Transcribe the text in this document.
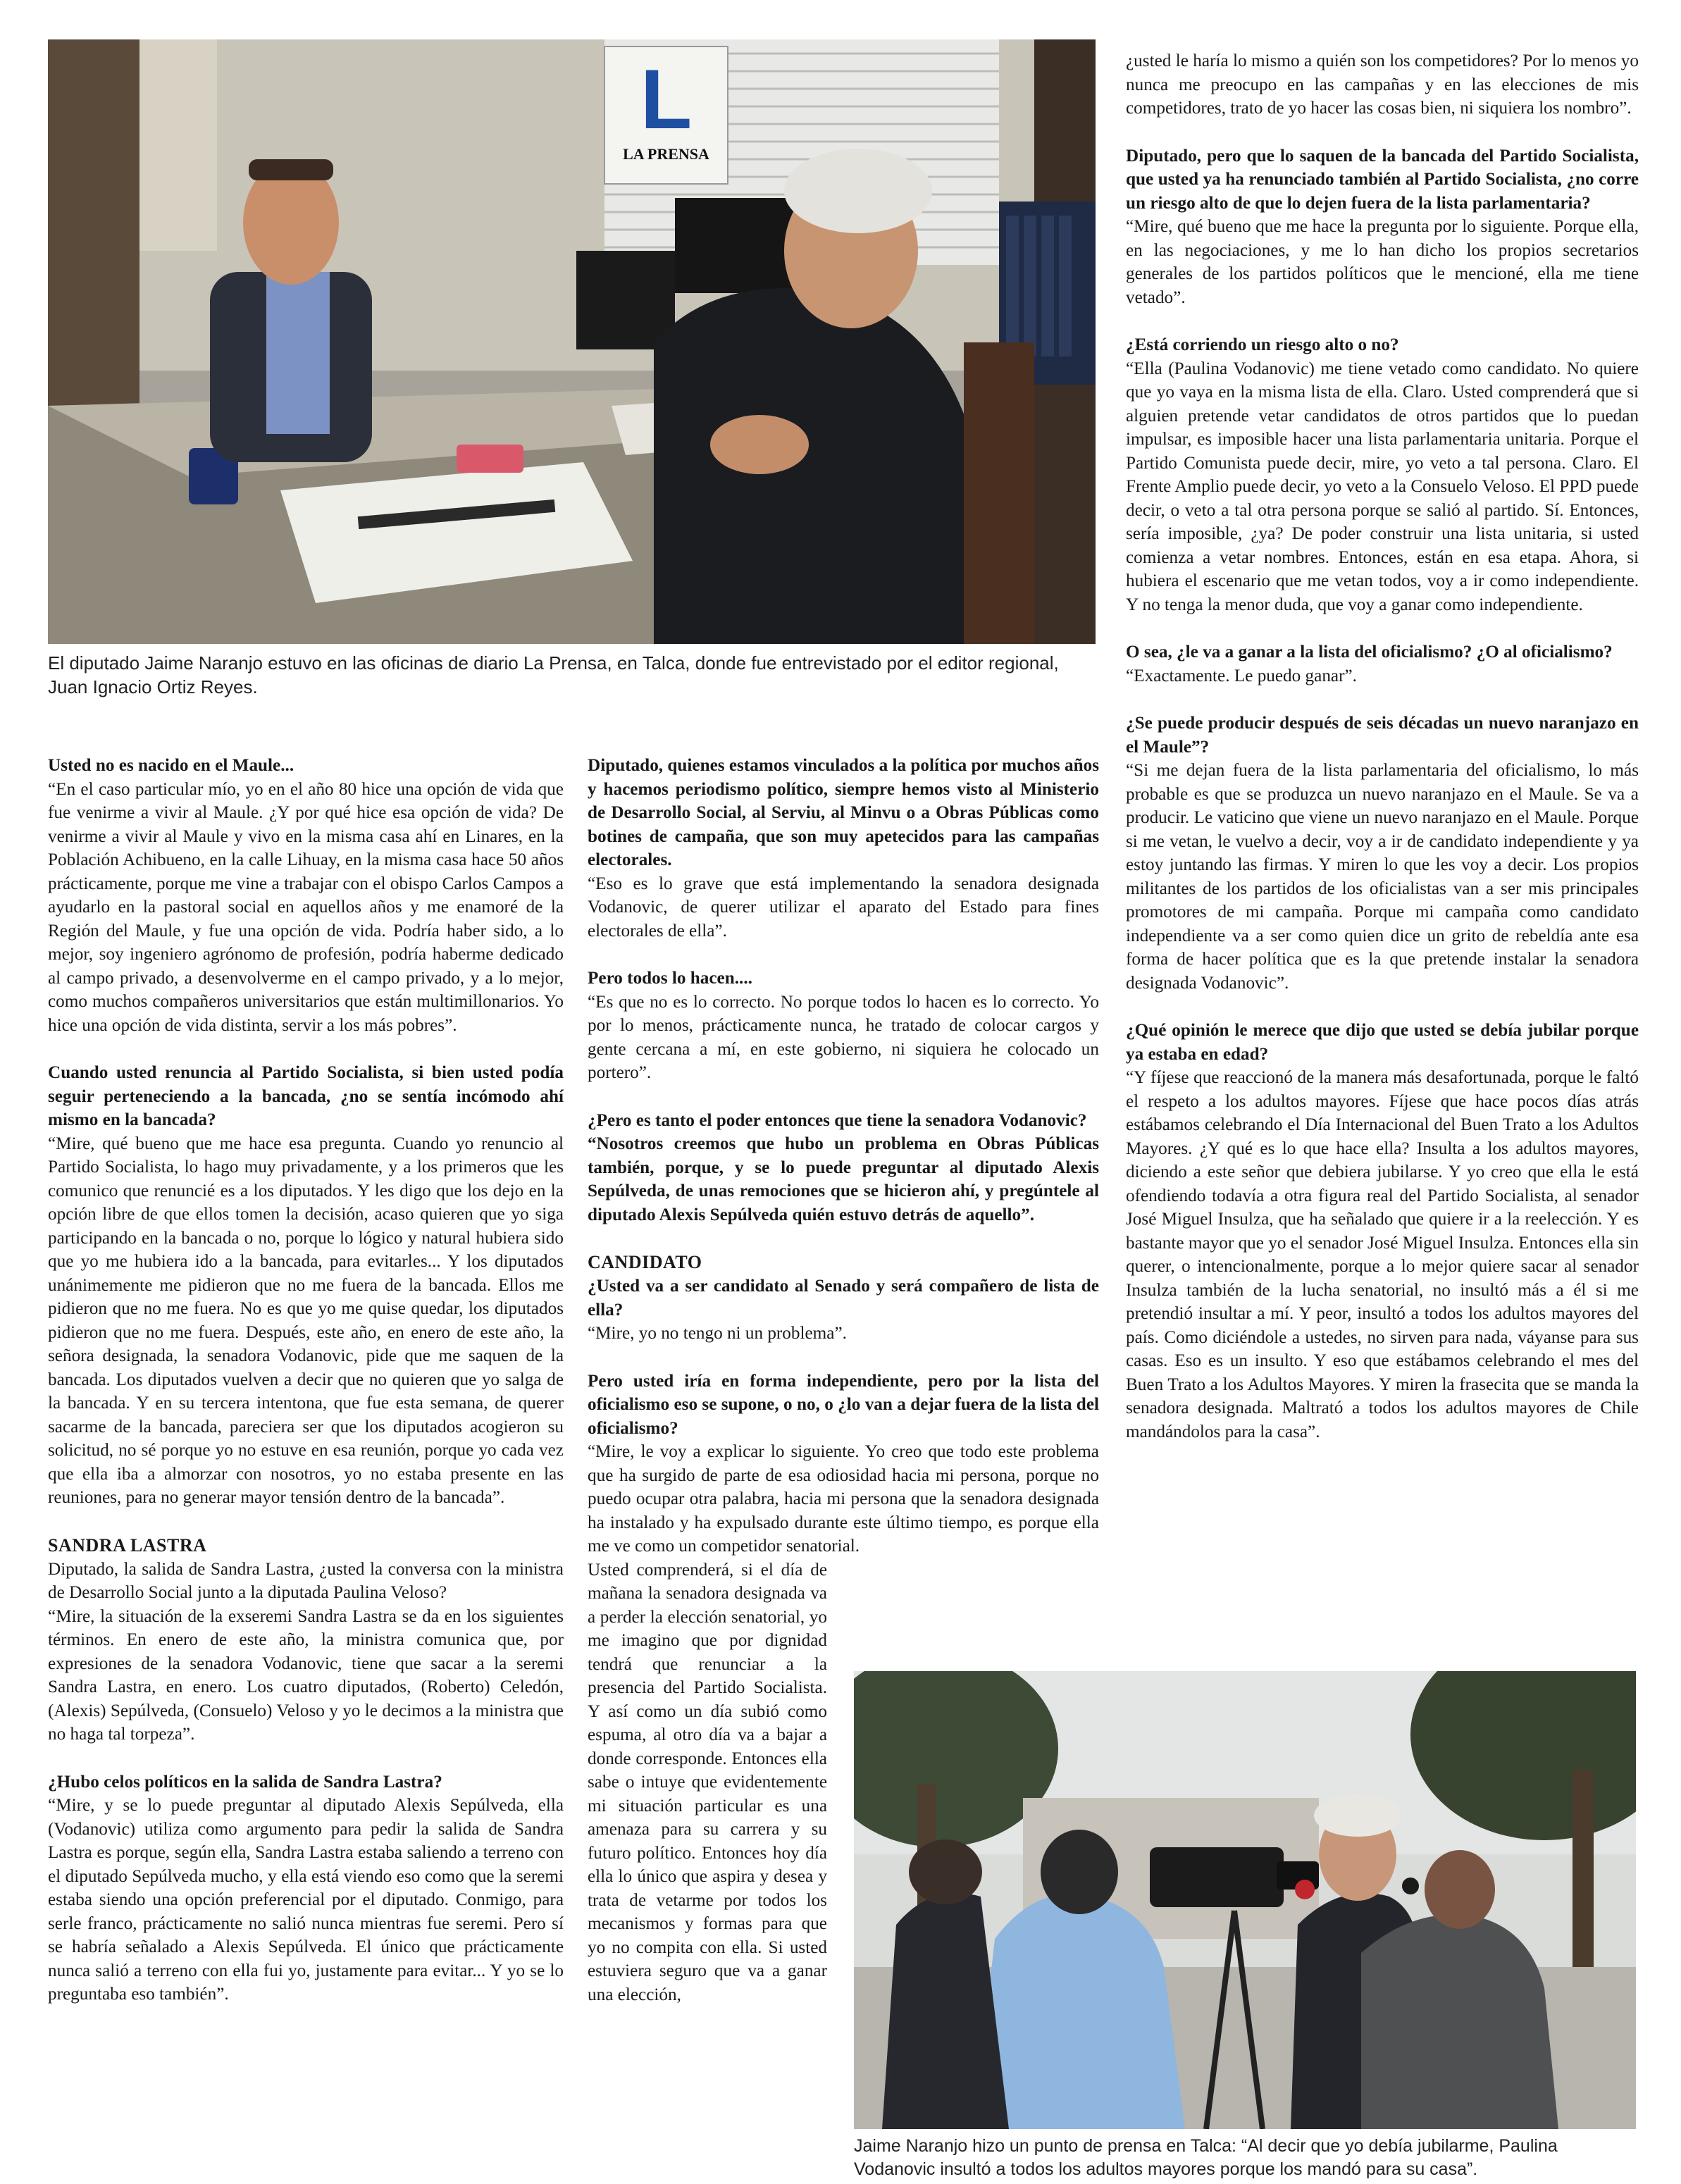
L
LA PRENSA
El diputado Jaime Naranjo estuvo en las oficinas de diario La Prensa, en Talca, donde fue entrevistado por el editor regional, Juan Ignacio Ortiz Reyes.

Usted no es nacido en el Maule...

“En el caso particular mío, yo en el año 80 hice una opción de vida que fue venirme a vivir al Maule. ¿Y por qué hice esa opción de vida? De venirme a vivir al Maule y vivo en la misma casa ahí en Linares, en la Población Achibueno, en la calle Lihuay, en la misma casa hace 50 años prácticamente, porque me vine a trabajar con el obispo Carlos Campos a ayudarlo en la pastoral social en aquellos años y me enamoré de la Región del Maule, y fue una opción de vida. Podría haber sido, a lo mejor, soy ingeniero agrónomo de profesión, podría haberme dedicado al campo privado, a desenvolverme en el campo privado, y a lo mejor, como muchos compañeros universitarios que están multimillonarios. Yo hice una opción de vida distinta, servir a los más pobres”.

Cuando usted renuncia al Partido Socialista, si bien usted podía seguir perteneciendo a la bancada, ¿no se sentía incómodo ahí mismo en la bancada?

“Mire, qué bueno que me hace esa pregunta. Cuando yo renuncio al Partido Socialista, lo hago muy privadamente, y a los primeros que les comunico que renuncié es a los diputados. Y les digo que los dejo en la opción libre de que ellos tomen la decisión, acaso quieren que yo siga participando en la bancada o no, porque lo lógico y natural hubiera sido que yo me hubiera ido a la bancada, para evitarles... Y los diputados unánimemente me pidieron que no me fuera de la bancada. Ellos me pidieron que no me fuera. No es que yo me quise quedar, los diputados pidieron que no me fuera. Después, este año, en enero de este año, la señora designada, la senadora Vodanovic, pide que me saquen de la bancada. Los diputados vuelven a decir que no quieren que yo salga de la bancada. Y en su tercera intentona, que fue esta semana, de querer sacarme de la bancada, pareciera ser que los diputados acogieron su solicitud, no sé porque yo no estuve en esa reunión, porque yo cada vez que ella iba a almorzar con nosotros, yo no estaba presente en las reuniones, para no generar mayor tensión dentro de la bancada”.

SANDRA LASTRA

Diputado, la salida de Sandra Lastra, ¿usted la conversa con la ministra de Desarrollo Social junto a la diputada Paulina Veloso?

“Mire, la situación de la exseremi Sandra Lastra se da en los siguientes términos. En enero de este año, la ministra comunica que, por expresiones de la senadora Vodanovic, tiene que sacar a la seremi Sandra Lastra, en enero. Los cuatro diputados, (Roberto) Celedón, (Alexis) Sepúlveda, (Consuelo) Veloso y yo le decimos a la ministra que no haga tal torpeza”.

¿Hubo celos políticos en la salida de Sandra Lastra?

“Mire, y se lo puede preguntar al diputado Alexis Sepúlveda, ella (Vodanovic) utiliza como argumento para pedir la salida de Sandra Lastra es porque, según ella, Sandra Lastra estaba saliendo a terreno con el diputado Sepúlveda mucho, y ella está viendo eso como que la seremi estaba siendo una opción preferencial por el diputado. Conmigo, para serle franco, prácticamente no salió nunca mientras fue seremi. Pero sí se habría señalado a Alexis Sepúlveda. El único que prácticamente nunca salió a terreno con ella fui yo, justamente para evitar... Y yo se lo preguntaba eso también”.

Diputado, quienes estamos vinculados a la política por muchos años y hacemos periodismo político, siempre hemos visto al Ministerio de Desarrollo Social, al Serviu, al Minvu o a Obras Públicas como botines de campaña, que son muy apetecidos para las campañas electorales.

“Eso es lo grave que está implementando la senadora designada Vodanovic, de querer utilizar el aparato del Estado para fines electorales de ella”.

Pero todos lo hacen....

“Es que no es lo correcto. No porque todos lo hacen es lo correcto. Yo por lo menos, prácticamente nunca, he tratado de colocar cargos y gente cercana a mí, en este gobierno, ni siquiera he colocado un portero”.

¿Pero es tanto el poder entonces que tiene la senadora Vodanovic?

“Nosotros creemos que hubo un problema en Obras Públicas también, porque, y se lo puede preguntar al diputado Alexis Sepúlveda, de unas remociones que se hicieron ahí, y pregúntele al diputado Alexis Sepúlveda quién estuvo detrás de aquello”.

CANDIDATO

¿Usted va a ser candidato al Senado y será compañero de lista de ella?

“Mire, yo no tengo ni un problema”.

Pero usted iría en forma independiente, pero por la lista del oficialismo eso se supone, o no, o ¿lo van a dejar fuera de la lista del oficialismo?

“Mire, le voy a explicar lo siguiente. Yo creo que todo este problema que ha surgido de parte de esa odiosidad hacia mi persona, porque no puedo ocupar otra palabra, hacia mi persona que la senadora designada ha instalado y ha expulsado durante este último tiempo, es porque ella me ve como un competidor senatorial.

Usted comprenderá, si el día de mañana la senadora designada va a perder la elección senatorial, yo me imagino que por dignidad tendrá que renunciar a la presencia del Partido Socialista. Y así como un día subió como espuma, al otro día va a bajar a donde corresponde. Entonces ella sabe o intuye que evidentemente mi situación particular es una amenaza para su carrera y su futuro político. Entonces hoy día ella lo único que aspira y desea y trata de vetarme por todos los mecanismos y formas para que yo no compita con ella. Si usted estuviera seguro que va a ganar una elección,

¿usted le haría lo mismo a quién son los competidores? Por lo menos yo nunca me preocupo en las campañas y en las elecciones de mis competidores, trato de yo hacer las cosas bien, ni siquiera los nombro”.

Diputado, pero que lo saquen de la bancada del Partido Socialista, que usted ya ha renunciado también al Partido Socialista, ¿no corre un riesgo alto de que lo dejen fuera de la lista parlamentaria?

“Mire, qué bueno que me hace la pregunta por lo siguiente. Porque ella, en las negociaciones, y me lo han dicho los propios secretarios generales de los partidos políticos que le mencioné, ella me tiene vetado”.

¿Está corriendo un riesgo alto o no?

“Ella (Paulina Vodanovic) me tiene vetado como candidato. No quiere que yo vaya en la misma lista de ella. Claro. Usted comprenderá que si alguien pretende vetar candidatos de otros partidos que lo puedan impulsar, es imposible hacer una lista parlamentaria unitaria. Porque el Partido Comunista puede decir, mire, yo veto a tal persona. Claro. El Frente Amplio puede decir, yo veto a la Consuelo Veloso. El PPD puede decir, o veto a tal otra persona porque se salió al partido. Sí. Entonces, sería imposible, ¿ya? De poder construir una lista unitaria, si usted comienza a vetar nombres. Entonces, están en esa etapa. Ahora, si hubiera el escenario que me vetan todos, voy a ir como independiente. Y no tenga la menor duda, que voy a ganar como independiente.

O sea, ¿le va a ganar a la lista del oficialismo? ¿O al oficialismo?

“Exactamente. Le puedo ganar”.

¿Se puede producir después de seis décadas un nuevo naranjazo en el Maule”?

“Si me dejan fuera de la lista parlamentaria del oficialismo, lo más probable es que se produzca un nuevo naranjazo en el Maule. Se va a producir. Le vaticino que viene un nuevo naranjazo en el Maule. Porque si me vetan, le vuelvo a decir, voy a ir de candidato independiente y ya estoy juntando las firmas. Y miren lo que les voy a decir. Los propios militantes de los partidos de los oficialistas van a ser mis principales promotores de mi campaña. Porque mi campaña como candidato independiente va a ser como quien dice un grito de rebeldía ante esa forma de hacer política que es la que pretende instalar la senadora designada Vodanovic”.

¿Qué opinión le merece que dijo que usted se debía jubilar porque ya estaba en edad?

“Y fíjese que reaccionó de la manera más desafortunada, porque le faltó el respeto a los adultos mayores. Fíjese que hace pocos días atrás estábamos celebrando el Día Internacional del Buen Trato a los Adultos Mayores. ¿Y qué es lo que hace ella? Insulta a los adultos mayores, diciendo a este señor que debiera jubilarse. Y yo creo que ella le está ofendiendo todavía a otra figura real del Partido Socialista, al senador José Miguel Insulza, que ha señalado que quiere ir a la reelección. Y es bastante mayor que yo el senador José Miguel Insulza. Entonces ella sin querer, o intencionalmente, porque a lo mejor quiere sacar al senador Insulza también de la lucha senatorial, no insultó más a él si me pretendió insultar a mí. Y peor, insultó a todos los adultos mayores del país. Como diciéndole a ustedes, no sirven para nada, váyanse para sus casas. Eso es un insulto. Y eso que estábamos celebrando el mes del Buen Trato a los Adultos Mayores. Y miren la frasecita que se manda la senadora designada. Maltrató a todos los adultos mayores de Chile mandándolos para la casa”.

Jaime Naranjo hizo un punto de prensa en Talca: “Al decir que yo debía jubilarme, Paulina Vodanovic insultó a todos los adultos mayores porque los mandó para su casa”.
